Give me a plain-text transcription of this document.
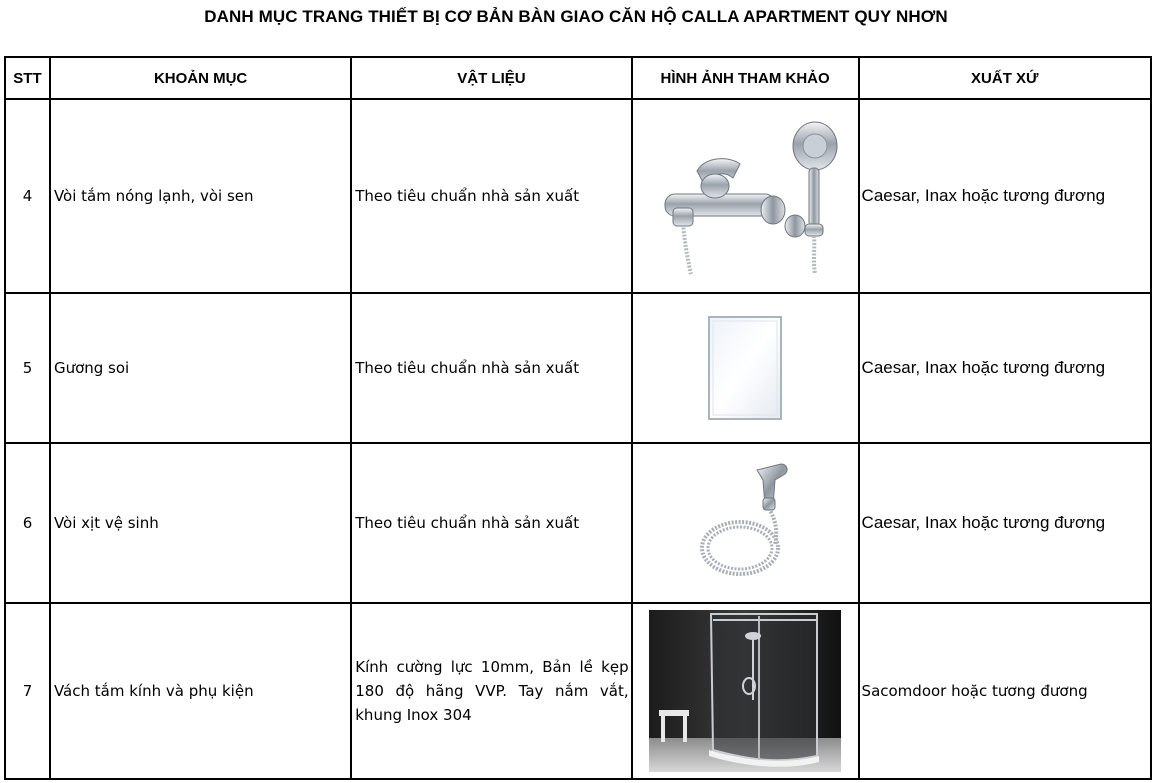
DANH MỤC TRANG THIẾT BỊ CƠ BẢN BÀN GIAO CĂN HỘ CALLA APARTMENT QUY NHƠN
STT	KHOẢN MỤC	VẬT LIỆU	HÌNH ẢNH THAM KHẢO	XUẤT XỨ
4	Vòi tắm nóng lạnh, vòi sen	Theo tiêu chuẩn nhà sản xuất		Caesar, Inax hoặc tương đương
5	Gương soi	Theo tiêu chuẩn nhà sản xuất		Caesar, Inax hoặc tương đương
6	Vòi xịt vệ sinh	Theo tiêu chuẩn nhà sản xuất		Caesar, Inax hoặc tương đương
7	Vách tắm kính và phụ kiện	Kính cường lực 10mm, Bản lề kẹp 180 độ hãng VVP. Tay nắm vắt, khung Inox 304		Sacomdoor hoặc tương đương
